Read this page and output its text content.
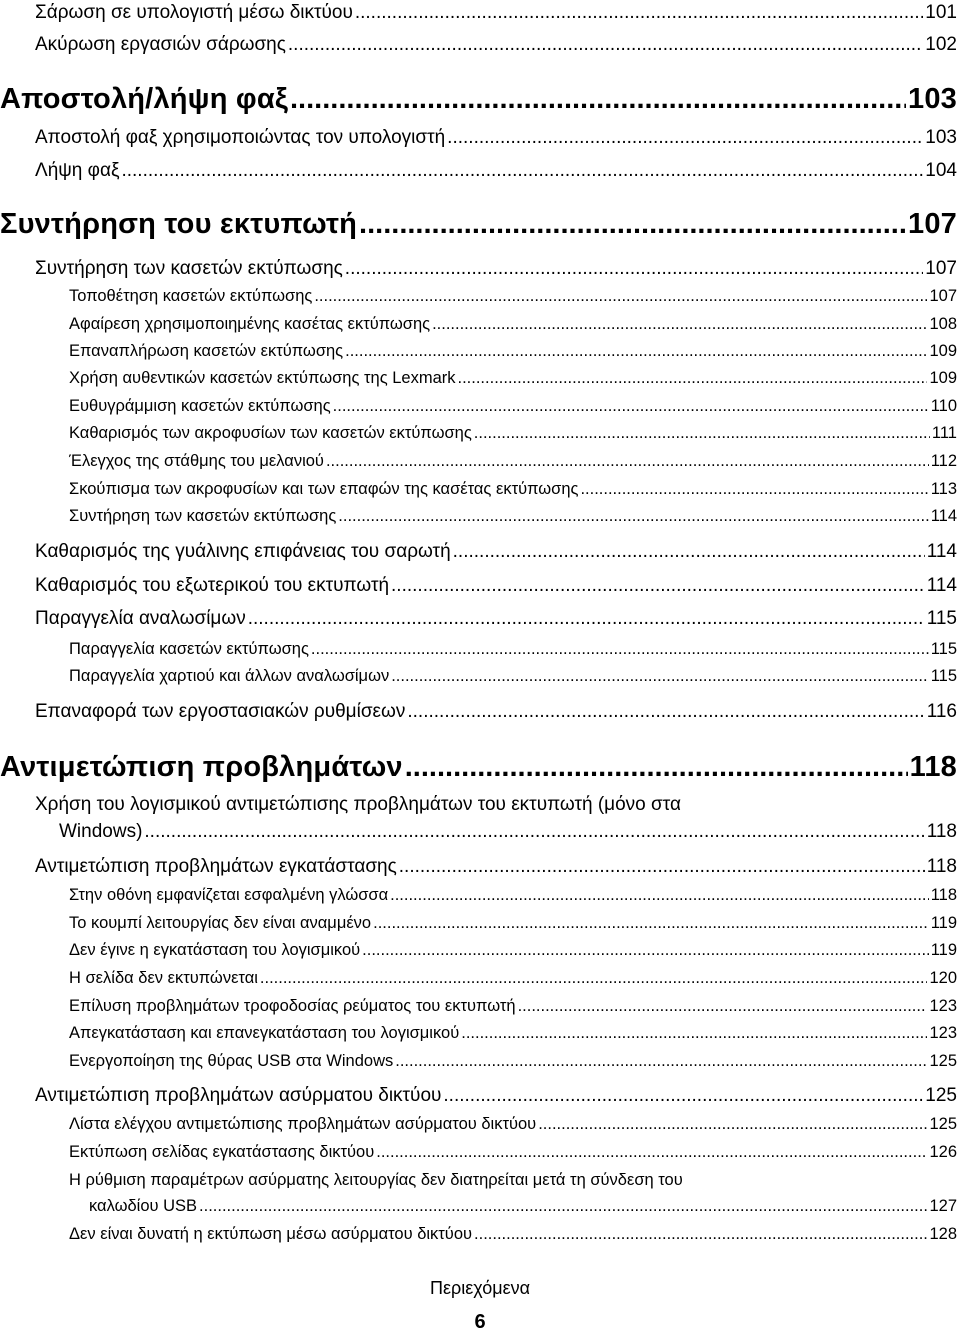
Σάρωση σε υπολογιστή μέσω δικτύου .....	101
Ακύρωση εργασιών σάρωσης .....	102
Αποστολή/λήψη φαξ .....	103
Αποστολή φαξ χρησιμοποιώντας τον υπολογιστή .....	103
Λήψη φαξ .....	104
Συντήρηση του εκτυπωτή .....	107
Συντήρηση των κασετών εκτύπωσης .....	107
Τοποθέτηση κασετών εκτύπωσης .....	107
Αφαίρεση χρησιμοποιημένης κασέτας εκτύπωσης .....	108
Επαναπλήρωση κασετών εκτύπωσης .....	109
Χρήση αυθεντικών κασετών εκτύπωσης της Lexmark .....	109
Ευθυγράμμιση κασετών εκτύπωσης .....	110
Καθαρισμός των ακροφυσίων των κασετών εκτύπωσης .....	111
Έλεγχος της στάθμης του μελανιού .....	112
Σκούπισμα των ακροφυσίων και των επαφών της κασέτας εκτύπωσης .....	113
Συντήρηση των κασετών εκτύπωσης .....	114
Καθαρισμός της γυάλινης επιφάνειας του σαρωτή .....	114
Καθαρισμός του εξωτερικού του εκτυπωτή .....	114
Παραγγελία αναλωσίμων .....	115
Παραγγελία κασετών εκτύπωσης .....	115
Παραγγελία χαρτιού και άλλων αναλωσίμων .....	115
Επαναφορά των εργοστασιακών ρυθμίσεων .....	116
Αντιμετώπιση προβλημάτων .....	118
Χρήση του λογισμικού αντιμετώπισης προβλημάτων του εκτυπωτή (μόνο στα
Windows) .....	118
Αντιμετώπιση προβλημάτων εγκατάστασης .....	118
Στην οθόνη εμφανίζεται εσφαλμένη γλώσσα .....	118
Το κουμπί λειτουργίας δεν είναι αναμμένο .....	119
Δεν έγινε η εγκατάσταση του λογισμικού .....	119
Η σελίδα δεν εκτυπώνεται .....	120
Επίλυση προβλημάτων τροφοδοσίας ρεύματος του εκτυπωτή .....	123
Απεγκατάσταση και επανεγκατάσταση του λογισμικού .....	123
Ενεργοποίηση της θύρας USB στα Windows .....	125
Αντιμετώπιση προβλημάτων ασύρματου δικτύου .....	125
Λίστα ελέγχου αντιμετώπισης προβλημάτων ασύρματου δικτύου .....	125
Εκτύπωση σελίδας εγκατάστασης δικτύου .....	126
Η ρύθμιση παραμέτρων ασύρματης λειτουργίας δεν διατηρείται μετά τη σύνδεση του
καλωδίου USB .....	127
Δεν είναι δυνατή η εκτύπωση μέσω ασύρματου δικτύου .....	128
Περιεχόμενα
6
